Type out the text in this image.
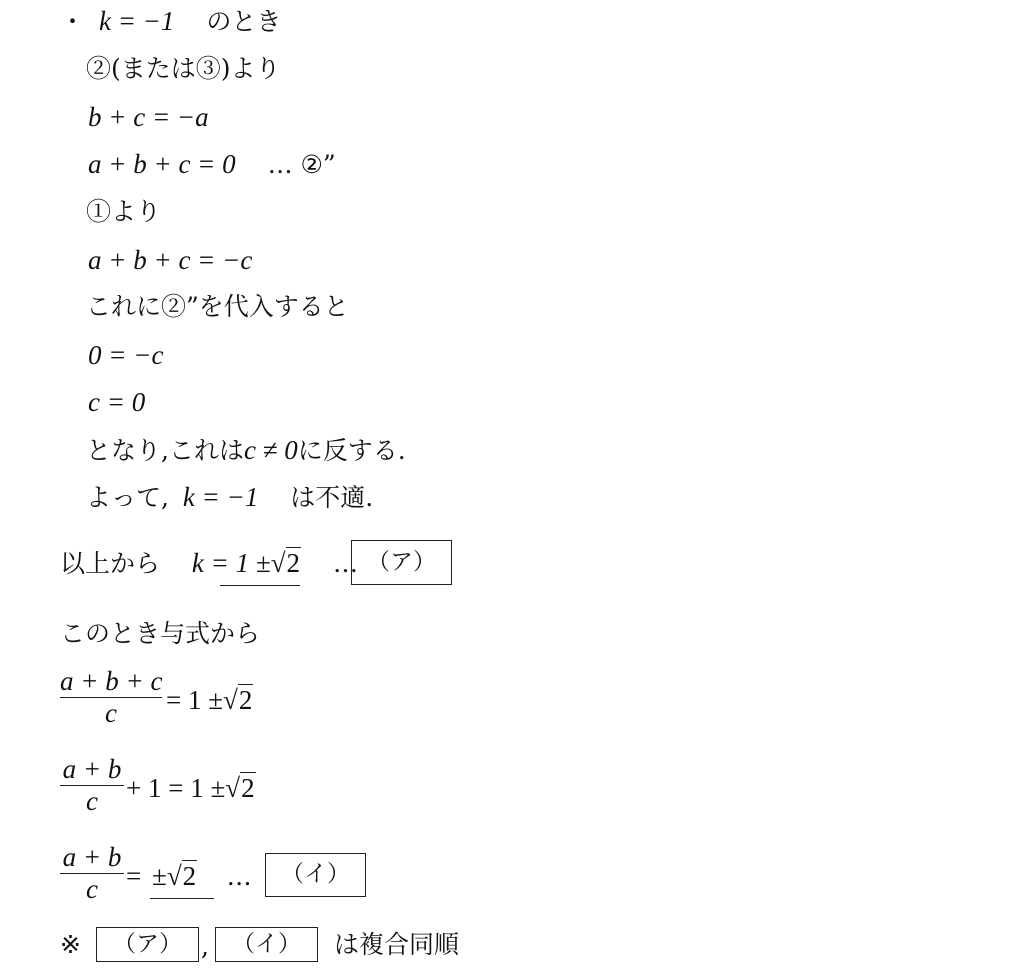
・ k = −1 のとき
②(または③)より
b + c = −a
a + b + c = 0 … ②”
①より
a + b + c = −c
これに②”を代入すると
0 = −c
c = 0
となり,これはc ≠ 0に反する.
よって, k = −1 は不適.
以上から k = 1 ±√2 … （ア）
このとき与式から
a + b + c
c	= 1 ±√2
a + b
c	+ 1 = 1 ±√2
a + b
c	= ±√2 …	（イ）
※	（ア） ,	（イ）	は複合同順
